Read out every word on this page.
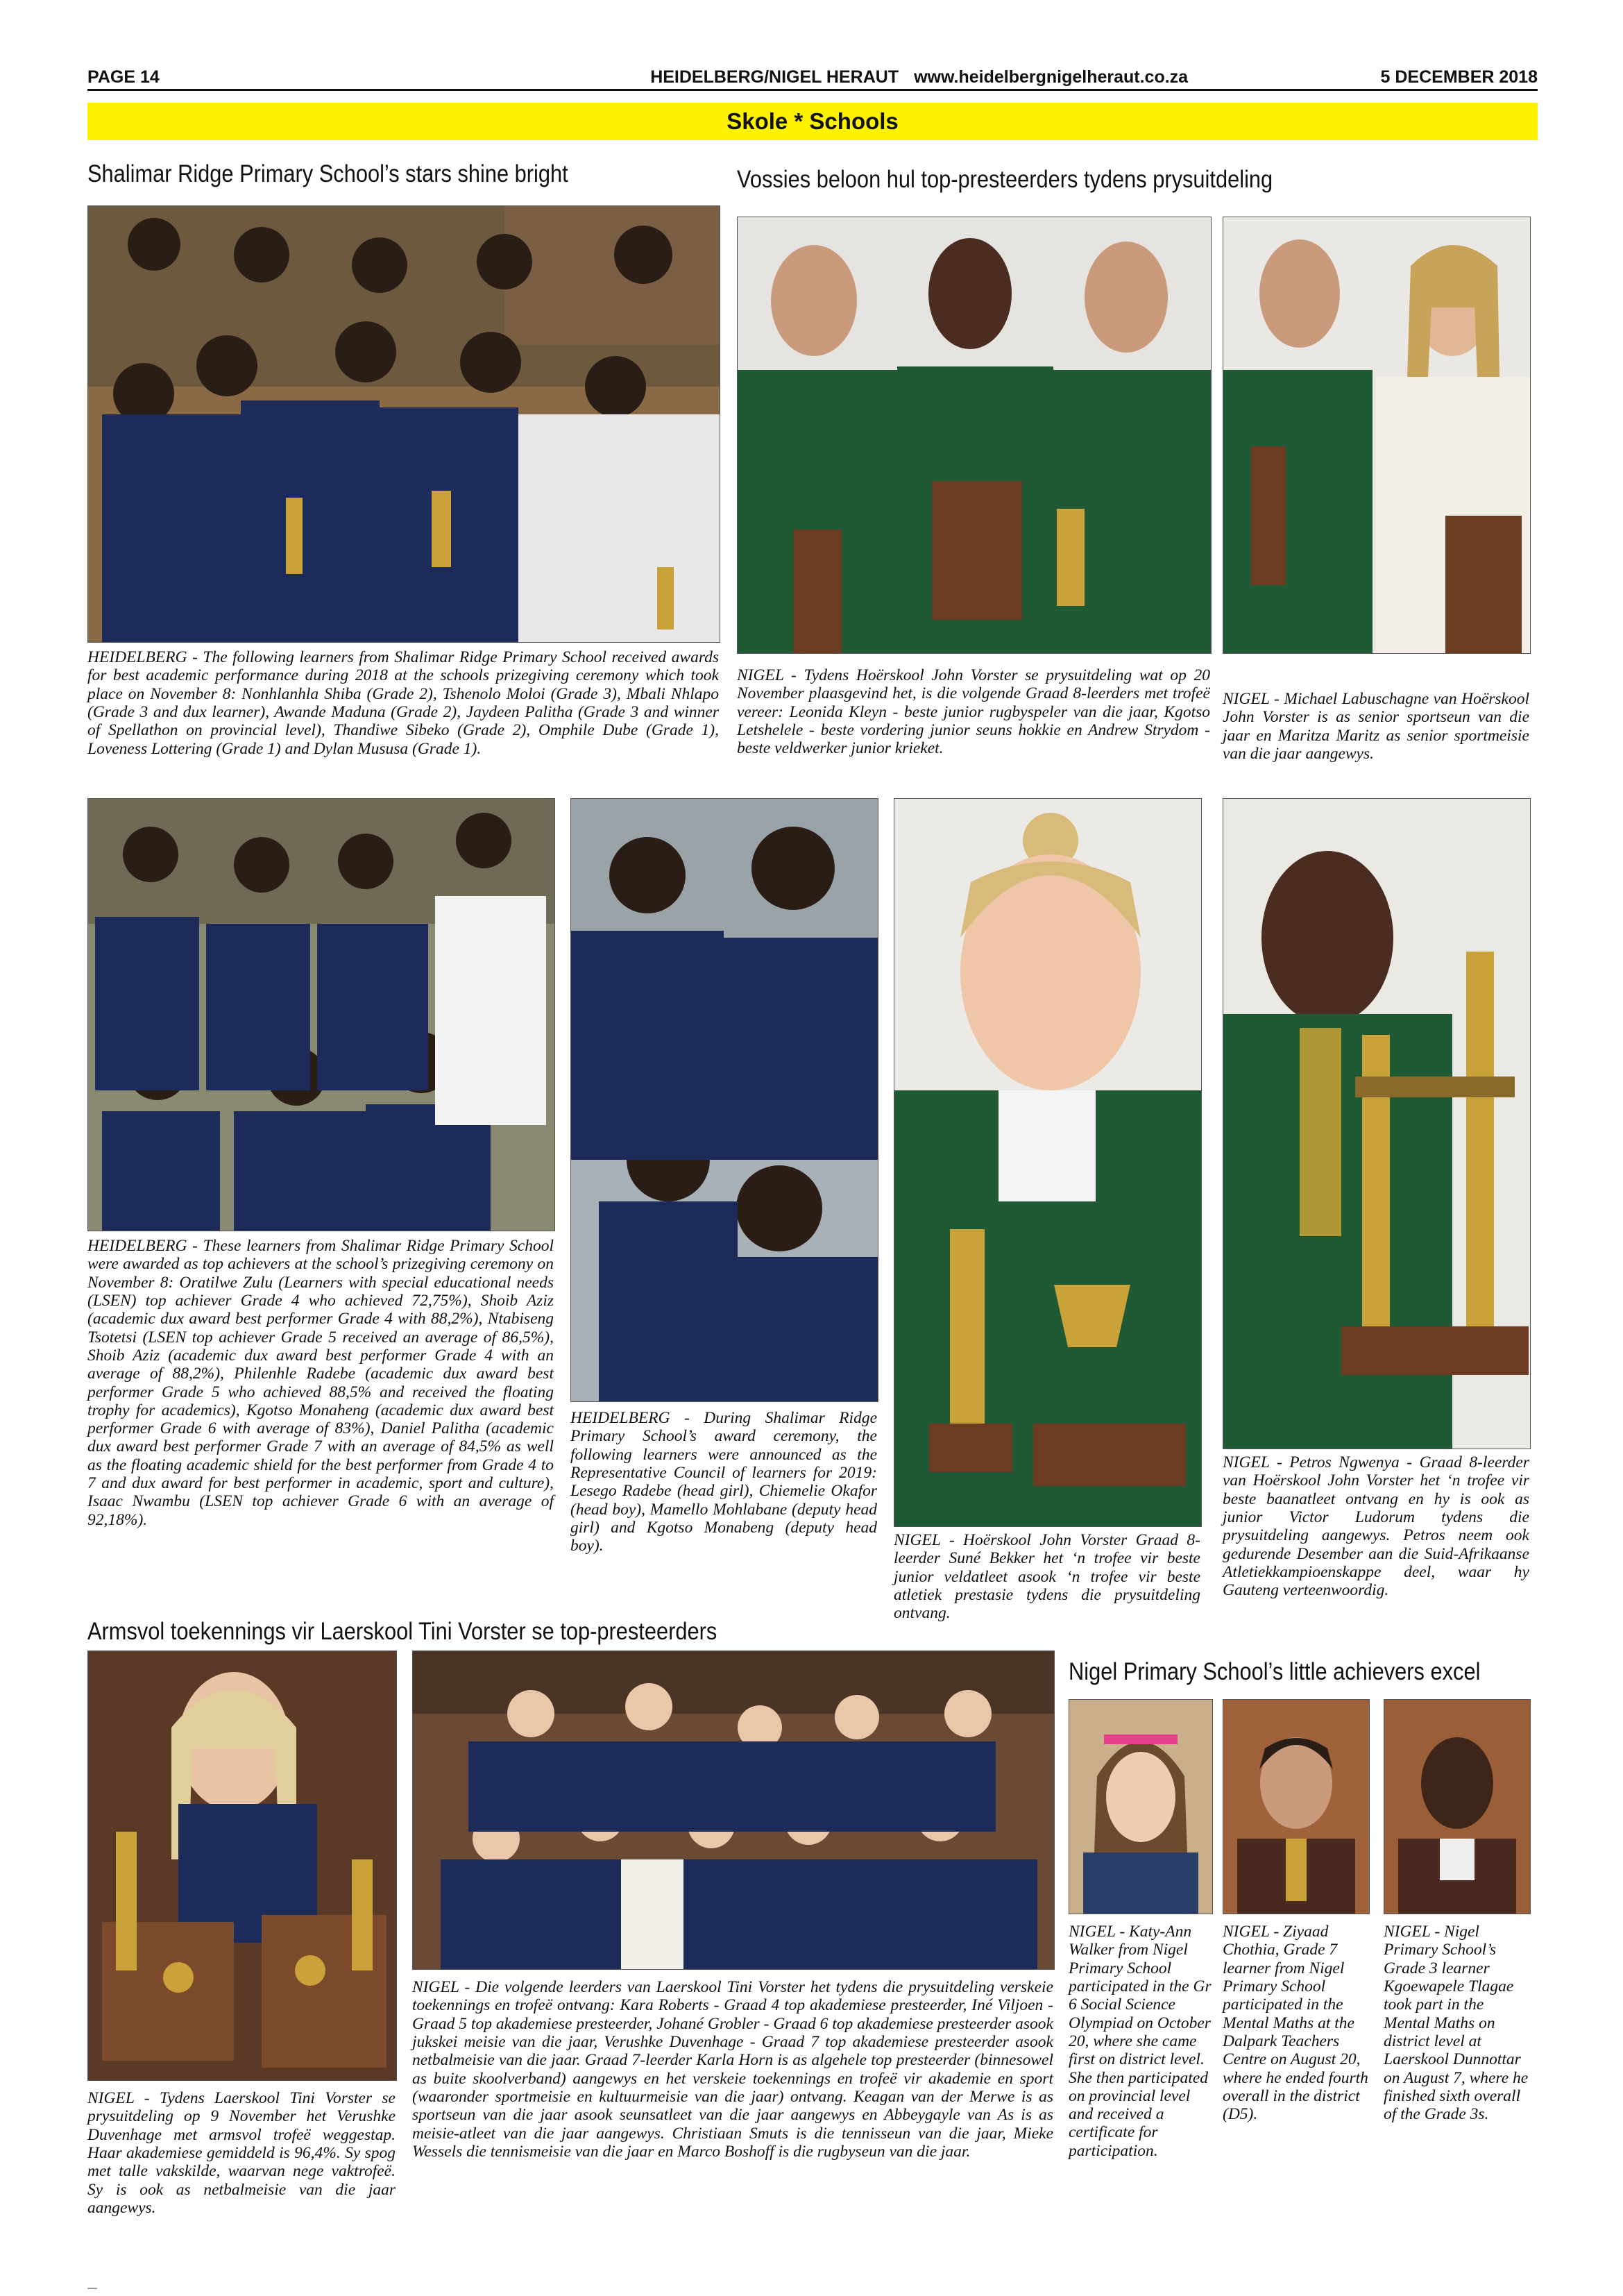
PAGE 14	HEIDELBERG/NIGEL HERAUT www.heidelbergnigelheraut.co.za	5 DECEMBER 2018
Skole * Schools
Shalimar Ridge Primary School’s stars shine bright	Vossies beloon hul top-presteerders tydens prysuitdeling
Armsvol toekennings vir Laerskool Tini Vorster se top-presteerders
Nigel Primary School’s little achievers excel
HEIDELBERG - The following learners from Shalimar Ridge Primary School received awards for best academic performance during 2018 at the schools prizegiving ceremony which took place on November 8: Nonhlanhla Shiba (Grade 2), Tshenolo Moloi (Grade 3), Mbali Nhlapo (Grade 3 and dux learner), Awande Maduna (Grade 2), Jaydeen Palitha (Grade 3 and winner of Spellathon on provincial level), Thandiwe Sibeko (Grade 2), Omphile Dube (Grade 1), Loveness Lottering (Grade 1) and Dylan Mususa (Grade 1).
NIGEL - Tydens Hoërskool John Vorster se prysuitdeling wat op 20 November plaasgevind het, is die volgende Graad 8-leerders met trofeë vereer: Leonida Kleyn - beste junior rugbyspeler van die jaar, Kgotso Letshelele - beste vordering junior seuns hokkie en Andrew Strydom - beste veldwerker junior krieket.
NIGEL - Michael Labuschagne van Hoërskool John Vorster is as senior sportseun van die jaar en Maritza Maritz as senior sportmeisie van die jaar aangewys.
HEIDELBERG - These learners from Shalimar Ridge Primary School were awarded as top achievers at the school’s prizegiving ceremony on November 8: Oratilwe Zulu (Learners with special educational needs (LSEN) top achiever Grade 4 who achieved 72,75%), Shoib Aziz (academic dux award best performer Grade 4 with 88,2%), Ntabiseng Tsotetsi (LSEN top achiever Grade 5 received an average of 86,5%), Shoib Aziz (academic dux award best performer Grade 4 with an average of 88,2%), Philenhle Radebe (academic dux award best performer Grade 5 who achieved 88,5% and received the floating trophy for academics), Kgotso Monaheng (academic dux award best performer Grade 6 with average of 83%), Daniel Palitha (academic dux award best performer Grade 7 with an average of 84,5% as well as the floating academic shield for the best performer from Grade 4 to 7 and dux award for best performer in academic, sport and culture), Isaac Nwambu (LSEN top achiever Grade 6 with an average of 92,18%).
HEIDELBERG - During Shalimar Ridge Primary School’s award ceremony, the following learners were announced as the Representative Council of learners for 2019: Lesego Radebe (head girl), Chiemelie Okafor (head boy), Mamello Mohlabane (deputy head girl) and Kgotso Monabeng (deputy head boy).	NIGEL - Hoërskool John Vorster Graad 8-leerder Suné Bekker het ‘n trofee vir beste junior veldatleet asook ‘n trofee vir beste atletiek prestasie tydens die prysuitdeling ontvang.
NIGEL - Petros Ngwenya - Graad 8-leerder van Hoërskool John Vorster het ‘n trofee vir beste baanatleet ontvang en hy is ook as junior Victor Ludorum tydens die prysuitdeling aangewys. Petros neem ook gedurende Desember aan die Suid-Afrikaanse Atletiekkampioenskappe deel, waar hy Gauteng verteenwoordig.
NIGEL - Tydens Laerskool Tini Vorster se prysuitdeling op 9 November het Verushke Duvenhage met armsvol trofeë weggestap. Haar akademiese gemiddeld is 96,4%. Sy spog met talle vakskilde, waarvan nege vaktrofeë. Sy is ook as netbalmeisie van die jaar aangewys.
NIGEL - Die volgende leerders van Laerskool Tini Vorster het tydens die prysuitdeling verskeie toekennings en trofeë ontvang: Kara Roberts - Graad 4 top akademiese presteerder, Iné Viljoen - Graad 5 top akademiese presteerder, Johané Grobler - Graad 6 top akademiese presteerder asook jukskei meisie van die jaar, Verushke Duvenhage - Graad 7 top akademiese presteerder asook netbalmeisie van die jaar. Graad 7-leerder Karla Horn is as algehele top presteerder (binnesowel as buite skoolverband) aangewys en het verskeie toekennings en trofeë vir akademie en sport (waaronder sportmeisie en kultuurmeisie van die jaar) ontvang. Keagan van der Merwe is as sportseun van die jaar asook seunsatleet van die jaar aangewys en Abbeygayle van As is as meisie-atleet van die jaar aangewys. Christiaan Smuts is die tennisseun van die jaar, Mieke Wessels die tennismeisie van die jaar en Marco Boshoff is die rugbyseun van die jaar.
NIGEL - Katy-Ann Walker from Nigel Primary School participated in the Gr 6 Social Science Olympiad on October 20, where she came first on district level. She then participated on provincial level and received a certificate for participation.
NIGEL - Ziyaad Chothia, Grade 7 learner from Nigel Primary School participated in the Mental Maths at the Dalpark Teachers Centre on August 20, where he ended fourth overall in the district (D5).
NIGEL - Nigel Primary School’s Grade 3 learner Kgoewapele Tlagae took part in the Mental Maths on district level at Laerskool Dunnottar on August 7, where he finished sixth overall of the Grade 3s.
